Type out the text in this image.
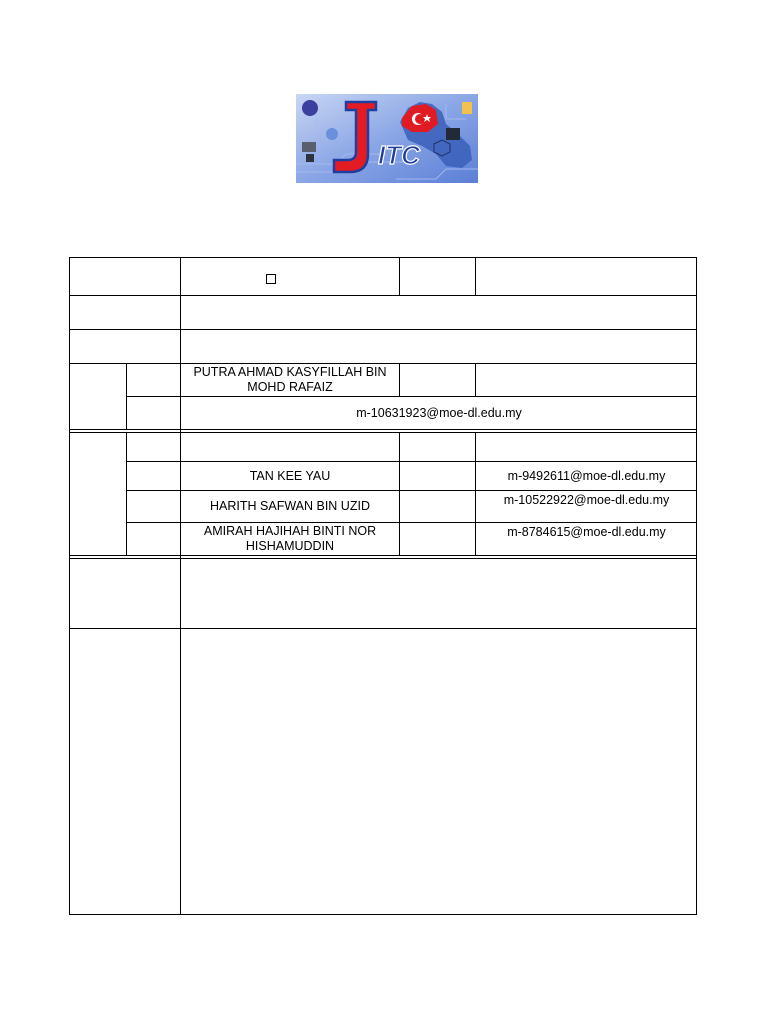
ITC
PUTRA AHMAD KASYFILLAH BIN MOHD RAFAIZ
m-10631923@moe-dl.edu.my
TAN KEE YAU	m-9492611@moe-dl.edu.my
HARITH SAFWAN BIN UZID	m-10522922@moe-dl.edu.my
AMIRAH HAJIHAH BINTI NOR HISHAMUDDIN
m-8784615@moe-dl.edu.my
